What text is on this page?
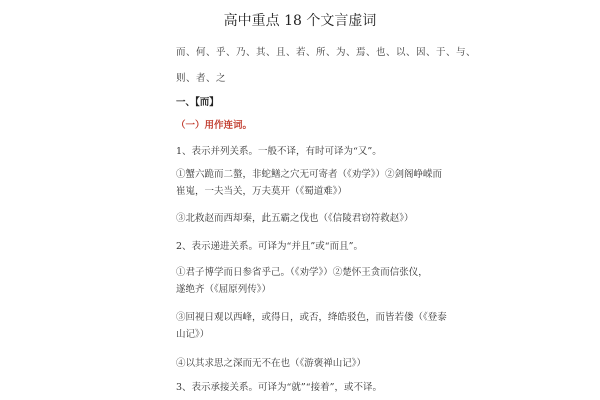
高中重点 18 个文言虚词
而、何、乎、乃、其、且、若、所、为、焉、也、以、因、于、与、
则、者、之
一、【而】
（一）用作连词。
1、表示并列关系。一般不译，有时可译为“又”。
①蟹六跪而二螯，非蛇鳝之穴无可寄者（《劝学》）②剑阁峥嵘而
崔嵬，一夫当关，万夫莫开（《蜀道难》）
③北救赵而西却秦，此五霸之伐也（《信陵君窃符救赵》）
2、表示递进关系。可译为“并且”或“而且”。
①君子博学而日参省乎己。（《劝学》）②楚怀王贪而信张仪，
遂绝齐（《屈原列传》）
③回视日观以西峰，或得日，或否，绛皓驳色，而皆若偻（《登泰
山记》）
④以其求思之深而无不在也（《游褒禅山记》）
3、表示承接关系。可译为“就”“接着”，或不译。
